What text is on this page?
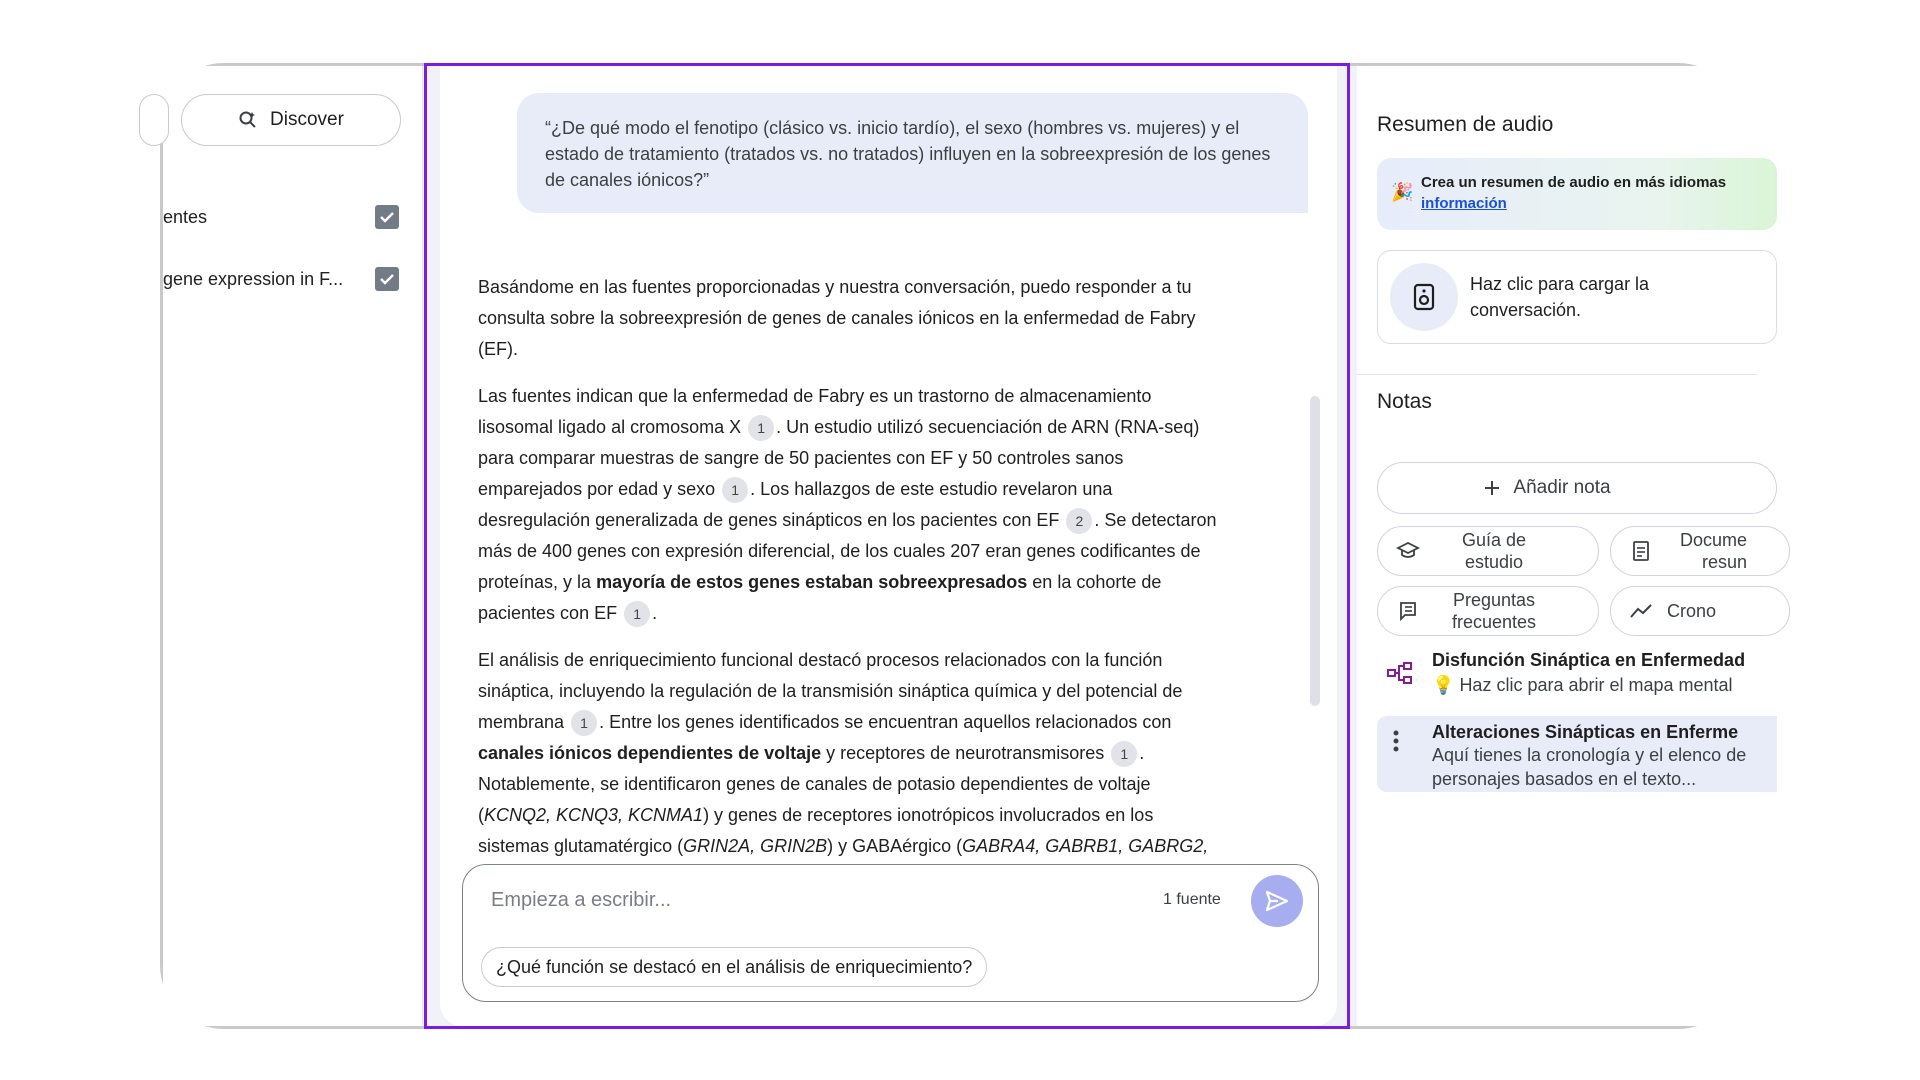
Discover
entes
gene expression in F...
“¿De qué modo el fenotipo (clásico vs. inicio tardío), el sexo (hombres vs. mujeres) y el estado de tratamiento (tratados vs. no tratados) influyen en la sobreexpresión de los genes de canales iónicos?”

Basándome en las fuentes proporcionadas y nuestra conversación, puedo responder a tu consulta sobre la sobreexpresión de genes de canales iónicos en la enfermedad de Fabry (EF).

Las fuentes indican que la enfermedad de Fabry es un trastorno de almacenamiento lisosomal ligado al cromosoma X 1 . Un estudio utilizó secuenciación de ARN (RNA-seq) para comparar muestras de sangre de 50 pacientes con EF y 50 controles sanos emparejados por edad y sexo 1 . Los hallazgos de este estudio revelaron una desregulación generalizada de genes sinápticos en los pacientes con EF 2 . Se detectaron más de 400 genes con expresión diferencial, de los cuales 207 eran genes codificantes de proteínas, y la mayoría de estos genes estaban sobreexpresados en la cohorte de pacientes con EF 1 .

El análisis de enriquecimiento funcional destacó procesos relacionados con la función sináptica, incluyendo la regulación de la transmisión sináptica química y del potencial de membrana 1 . Entre los genes identificados se encuentran aquellos relacionados con canales iónicos dependientes de voltaje y receptores de neurotransmisores 1 . Notablemente, se identificaron genes de canales de potasio dependientes de voltaje (KCNQ2, KCNQ3, KCNMA1) y genes de receptores ionotrópicos involucrados en los sistemas glutamatérgico (GRIN2A, GRIN2B) y GABAérgico (GABRA4, GABRB1, GABRG2,

Empieza a escribir...
1 fuente
¿Qué función se destacó en el análisis de enriquecimiento?
Resumen de audio
🎉 Crea un resumen de audio en más idiomas
información
Haz clic para cargar la conversación.
Notas
Añadir nota
Guía de estudio
Docume resun
Preguntas frecuentes
Crono
Disfunción Sináptica en Enfermedad
💡 Haz clic para abrir el mapa mental
Alteraciones Sinápticas en Enferme
Aquí tienes la cronología y el elenco de personajes basados en el texto...
